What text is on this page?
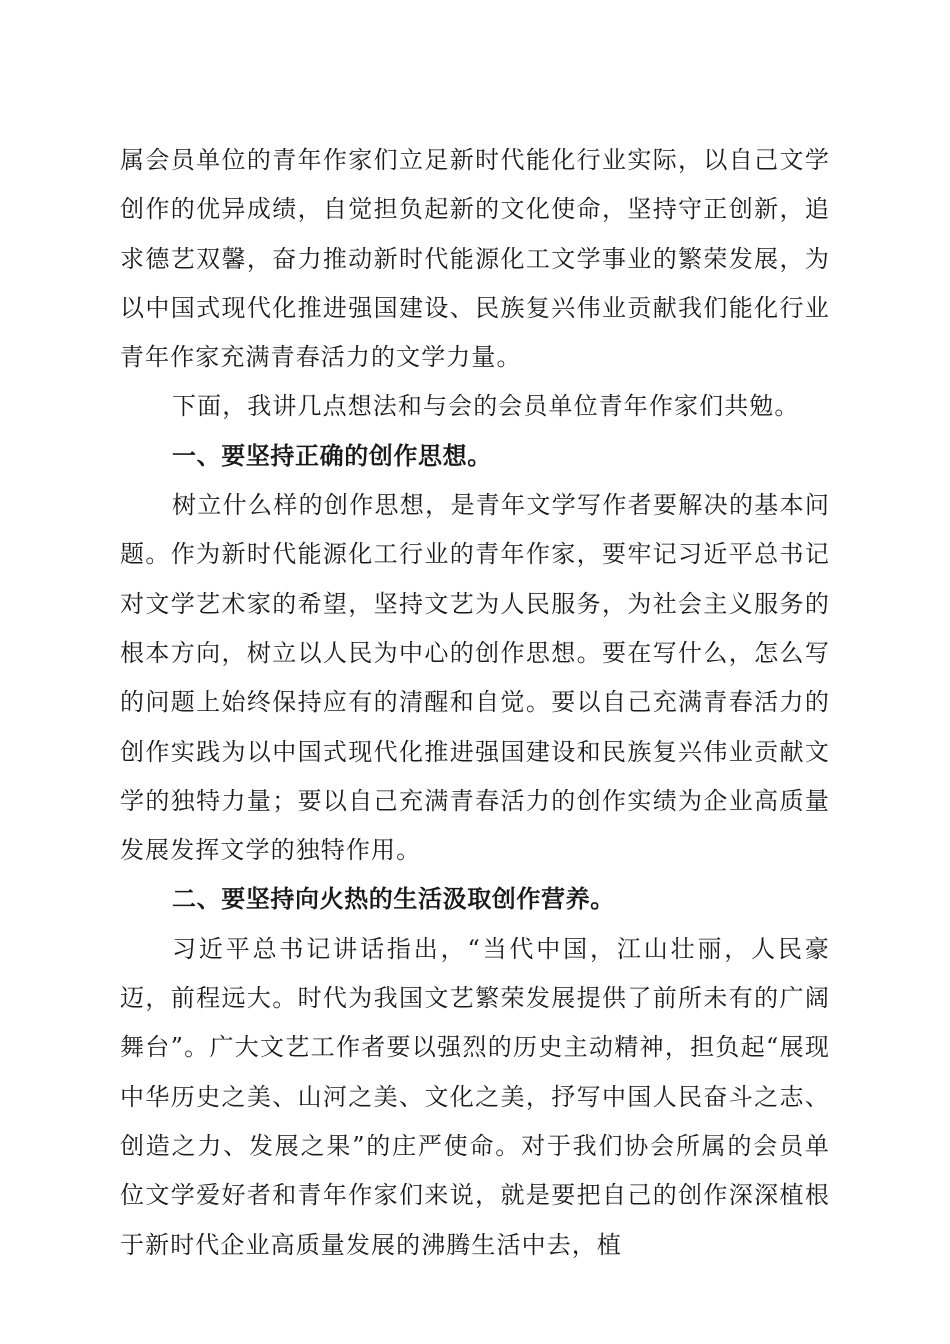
属会员单位的青年作家们立足新时代能化行业实际，以自己文学创作的优异成绩，自觉担负起新的文化使命，坚持守正创新，追求德艺双馨，奋力推动新时代能源化工文学事业的繁荣发展，为以中国式现代化推进强国建设、民族复兴伟业贡献我们能化行业青年作家充满青春活力的文学力量。

下面，我讲几点想法和与会的会员单位青年作家们共勉。

一、要坚持正确的创作思想。

树立什么样的创作思想，是青年文学写作者要解决的基本问题。作为新时代能源化工行业的青年作家，要牢记习近平总书记对文学艺术家的希望，坚持文艺为人民服务，为社会主义服务的根本方向，树立以人民为中心的创作思想。要在写什么，怎么写的问题上始终保持应有的清醒和自觉。要以自己充满青春活力的创作实践为以中国式现代化推进强国建设和民族复兴伟业贡献文学的独特力量；要以自己充满青春活力的创作实绩为企业高质量发展发挥文学的独特作用。

二、要坚持向火热的生活汲取创作营养。

习近平总书记讲话指出，“当代中国，江山壮丽，人民豪迈，前程远大。时代为我国文艺繁荣发展提供了前所未有的广阔舞台”。广大文艺工作者要以强烈的历史主动精神，担负起“展现中华历史之美、山河之美、文化之美，抒写中国人民奋斗之志、创造之力、发展之果”的庄严使命。对于我们协会所属的会员单位文学爱好者和青年作家们来说，就是要把自己的创作深深植根于新时代企业高质量发展的沸腾生活中去，植
